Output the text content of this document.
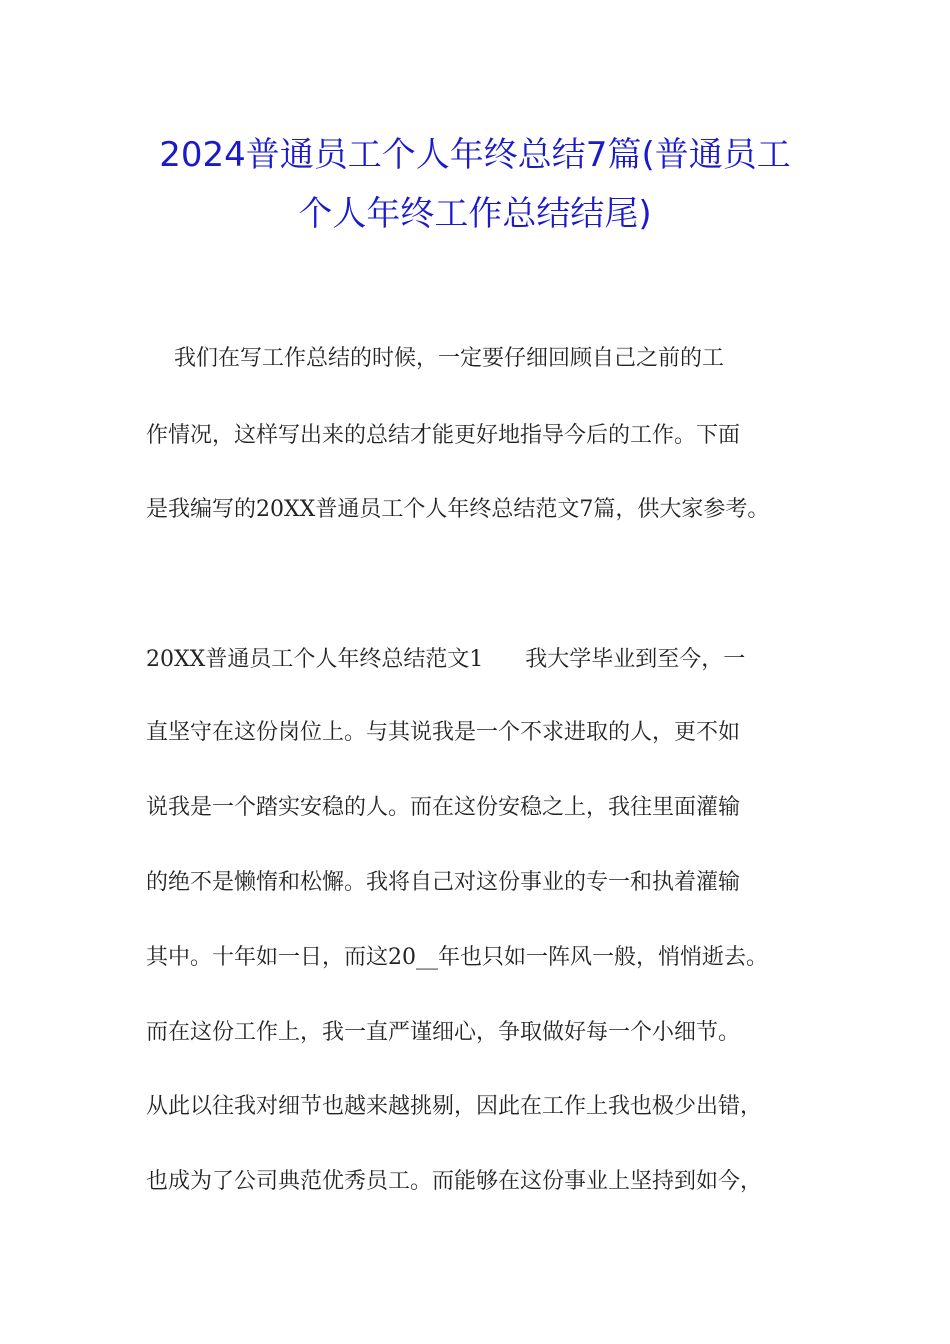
2024普通员工个人年终总结7篇(普通员工
个人年终工作总结结尾)
我们在写工作总结的时候，一定要仔细回顾自己之前的工
作情况，这样写出来的总结才能更好地指导今后的工作。下面
是我编写的20XX普通员工个人年终总结范文7篇，供大家参考。
20XX普通员工个人年终总结范文1      我大学毕业到至今，一
直坚守在这份岗位上。与其说我是一个不求进取的人，更不如
说我是一个踏实安稳的人。而在这份安稳之上，我往里面灌输
的绝不是懒惰和松懈。我将自己对这份事业的专一和执着灌输
其中。十年如一日，而这20__年也只如一阵风一般，悄悄逝去。
而在这份工作上，我一直严谨细心，争取做好每一个小细节。
从此以往我对细节也越来越挑剔，因此在工作上我也极少出错，
也成为了公司典范优秀员工。而能够在这份事业上坚持到如今，
